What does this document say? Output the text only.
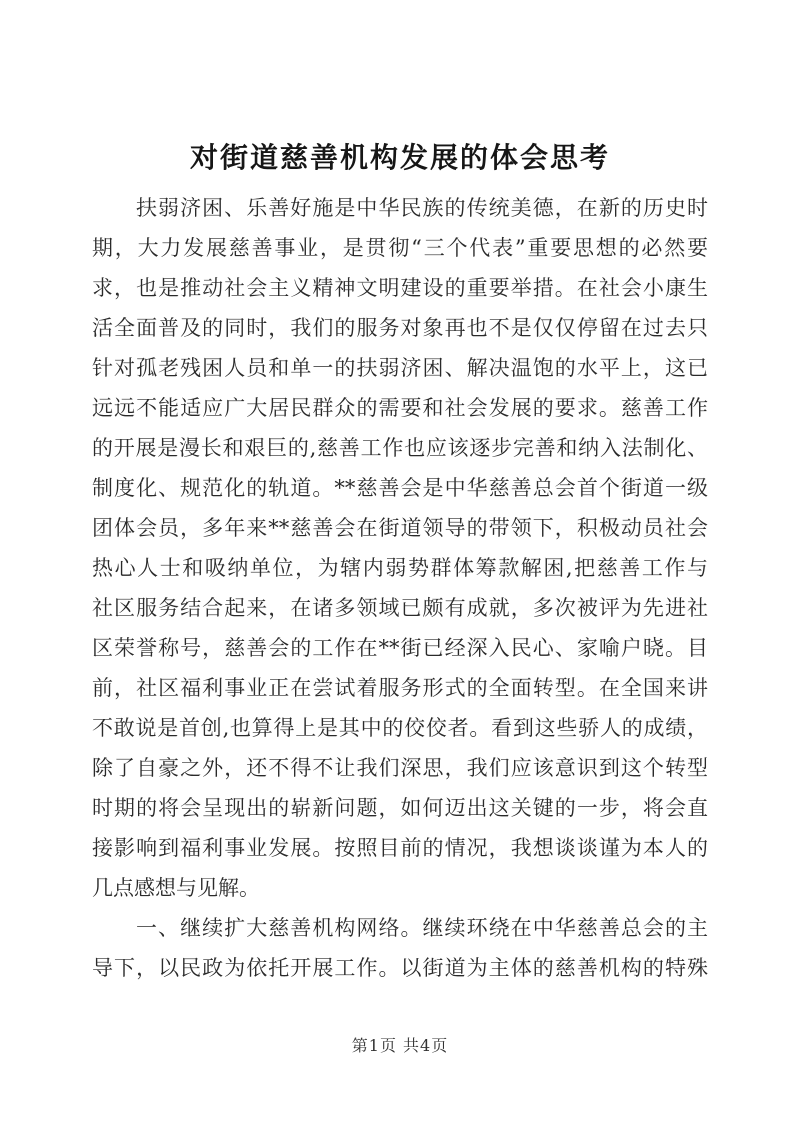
对街道慈善机构发展的体会思考
扶弱济困、乐善好施是中华民族的传统美德，在新的历史时
期，大力发展慈善事业，是贯彻“三个代表”重要思想的必然要
求，也是推动社会主义精神文明建设的重要举措。在社会小康生
活全面普及的同时，我们的服务对象再也不是仅仅停留在过去只
针对孤老残困人员和单一的扶弱济困、解决温饱的水平上，这已
远远不能适应广大居民群众的需要和社会发展的要求。慈善工作
的开展是漫长和艰巨的,慈善工作也应该逐步完善和纳入法制化、
制度化、规范化的轨道。**慈善会是中华慈善总会首个街道一级
团体会员，多年来**慈善会在街道领导的带领下，积极动员社会
热心人士和吸纳单位，为辖内弱势群体筹款解困,把慈善工作与
社区服务结合起来，在诸多领域已颇有成就，多次被评为先进社
区荣誉称号，慈善会的工作在**街已经深入民心、家喻户晓。目
前，社区福利事业正在尝试着服务形式的全面转型。在全国来讲
不敢说是首创,也算得上是其中的佼佼者。看到这些骄人的成绩，
除了自豪之外，还不得不让我们深思，我们应该意识到这个转型
时期的将会呈现出的崭新问题，如何迈出这关键的一步，将会直
接影响到福利事业发展。按照目前的情况，我想谈谈谨为本人的
几点感想与见解。
一、继续扩大慈善机构网络。继续环绕在中华慈善总会的主
导下，以民政为依托开展工作。以街道为主体的慈善机构的特殊
第1页 共4页
